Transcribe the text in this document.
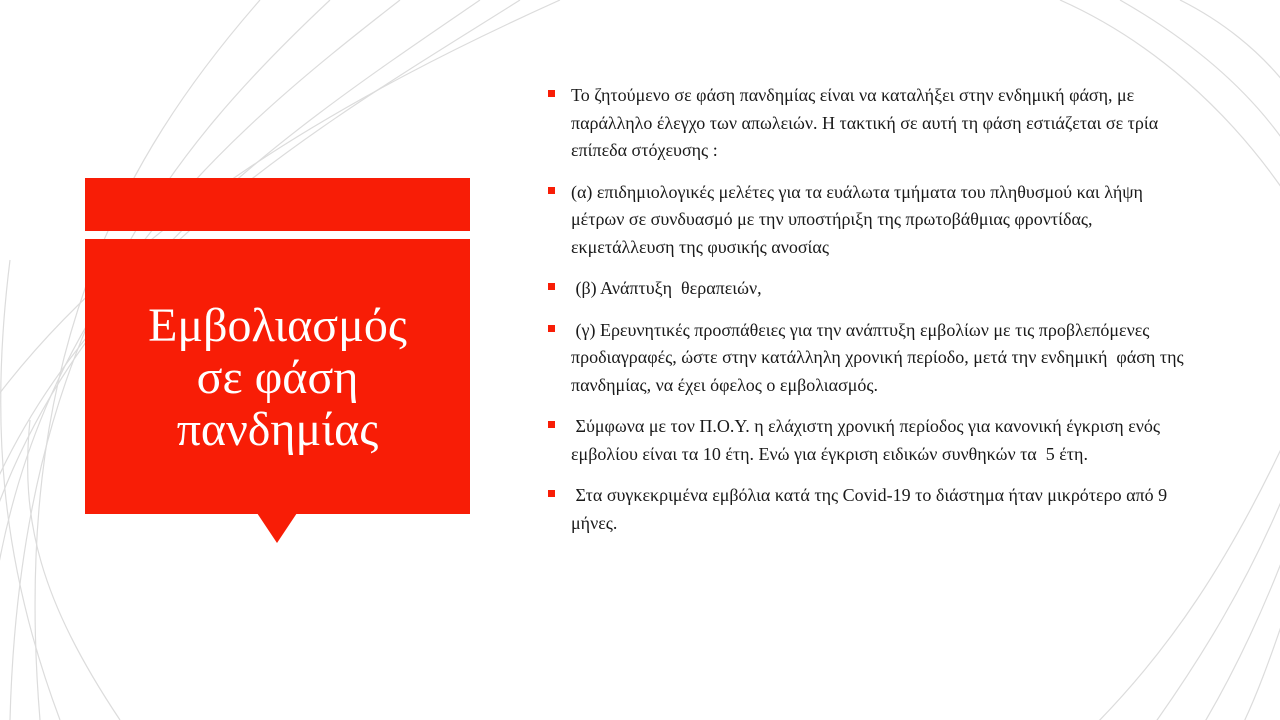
Εμβολιασμός σε φάση πανδημίας
Το ζητούμενο σε φάση πανδημίας είναι να καταλήξει στην ενδημική φάση, με παράλληλο έλεγχο των απωλειών. Η τακτική σε αυτή τη φάση εστιάζεται σε τρία επίπεδα στόχευσης :
(α) επιδημιολογικές μελέτες για τα ευάλωτα τμήματα του πληθυσμού και λήψη μέτρων σε συνδυασμό με την υποστήριξη της πρωτοβάθμιας φροντίδας, εκμετάλλευση της φυσικής ανοσίας
(β) Ανάπτυξη  θεραπειών,
(γ) Ερευνητικές προσπάθειες για την ανάπτυξη εμβολίων με τις προβλεπόμενες προδιαγραφές, ώστε στην κατάλληλη χρονική περίοδο, μετά την ενδημική  φάση της πανδημίας, να έχει όφελος ο εμβολιασμός.
Σύμφωνα με τον Π.Ο.Υ. η ελάχιστη χρονική περίοδος για κανονική έγκριση ενός εμβολίου είναι τα 10 έτη. Ενώ για έγκριση ειδικών συνθηκών τα  5 έτη.
Στα συγκεκριμένα εμβόλια κατά της Covid-19 το διάστημα ήταν μικρότερο από 9 μήνες.
